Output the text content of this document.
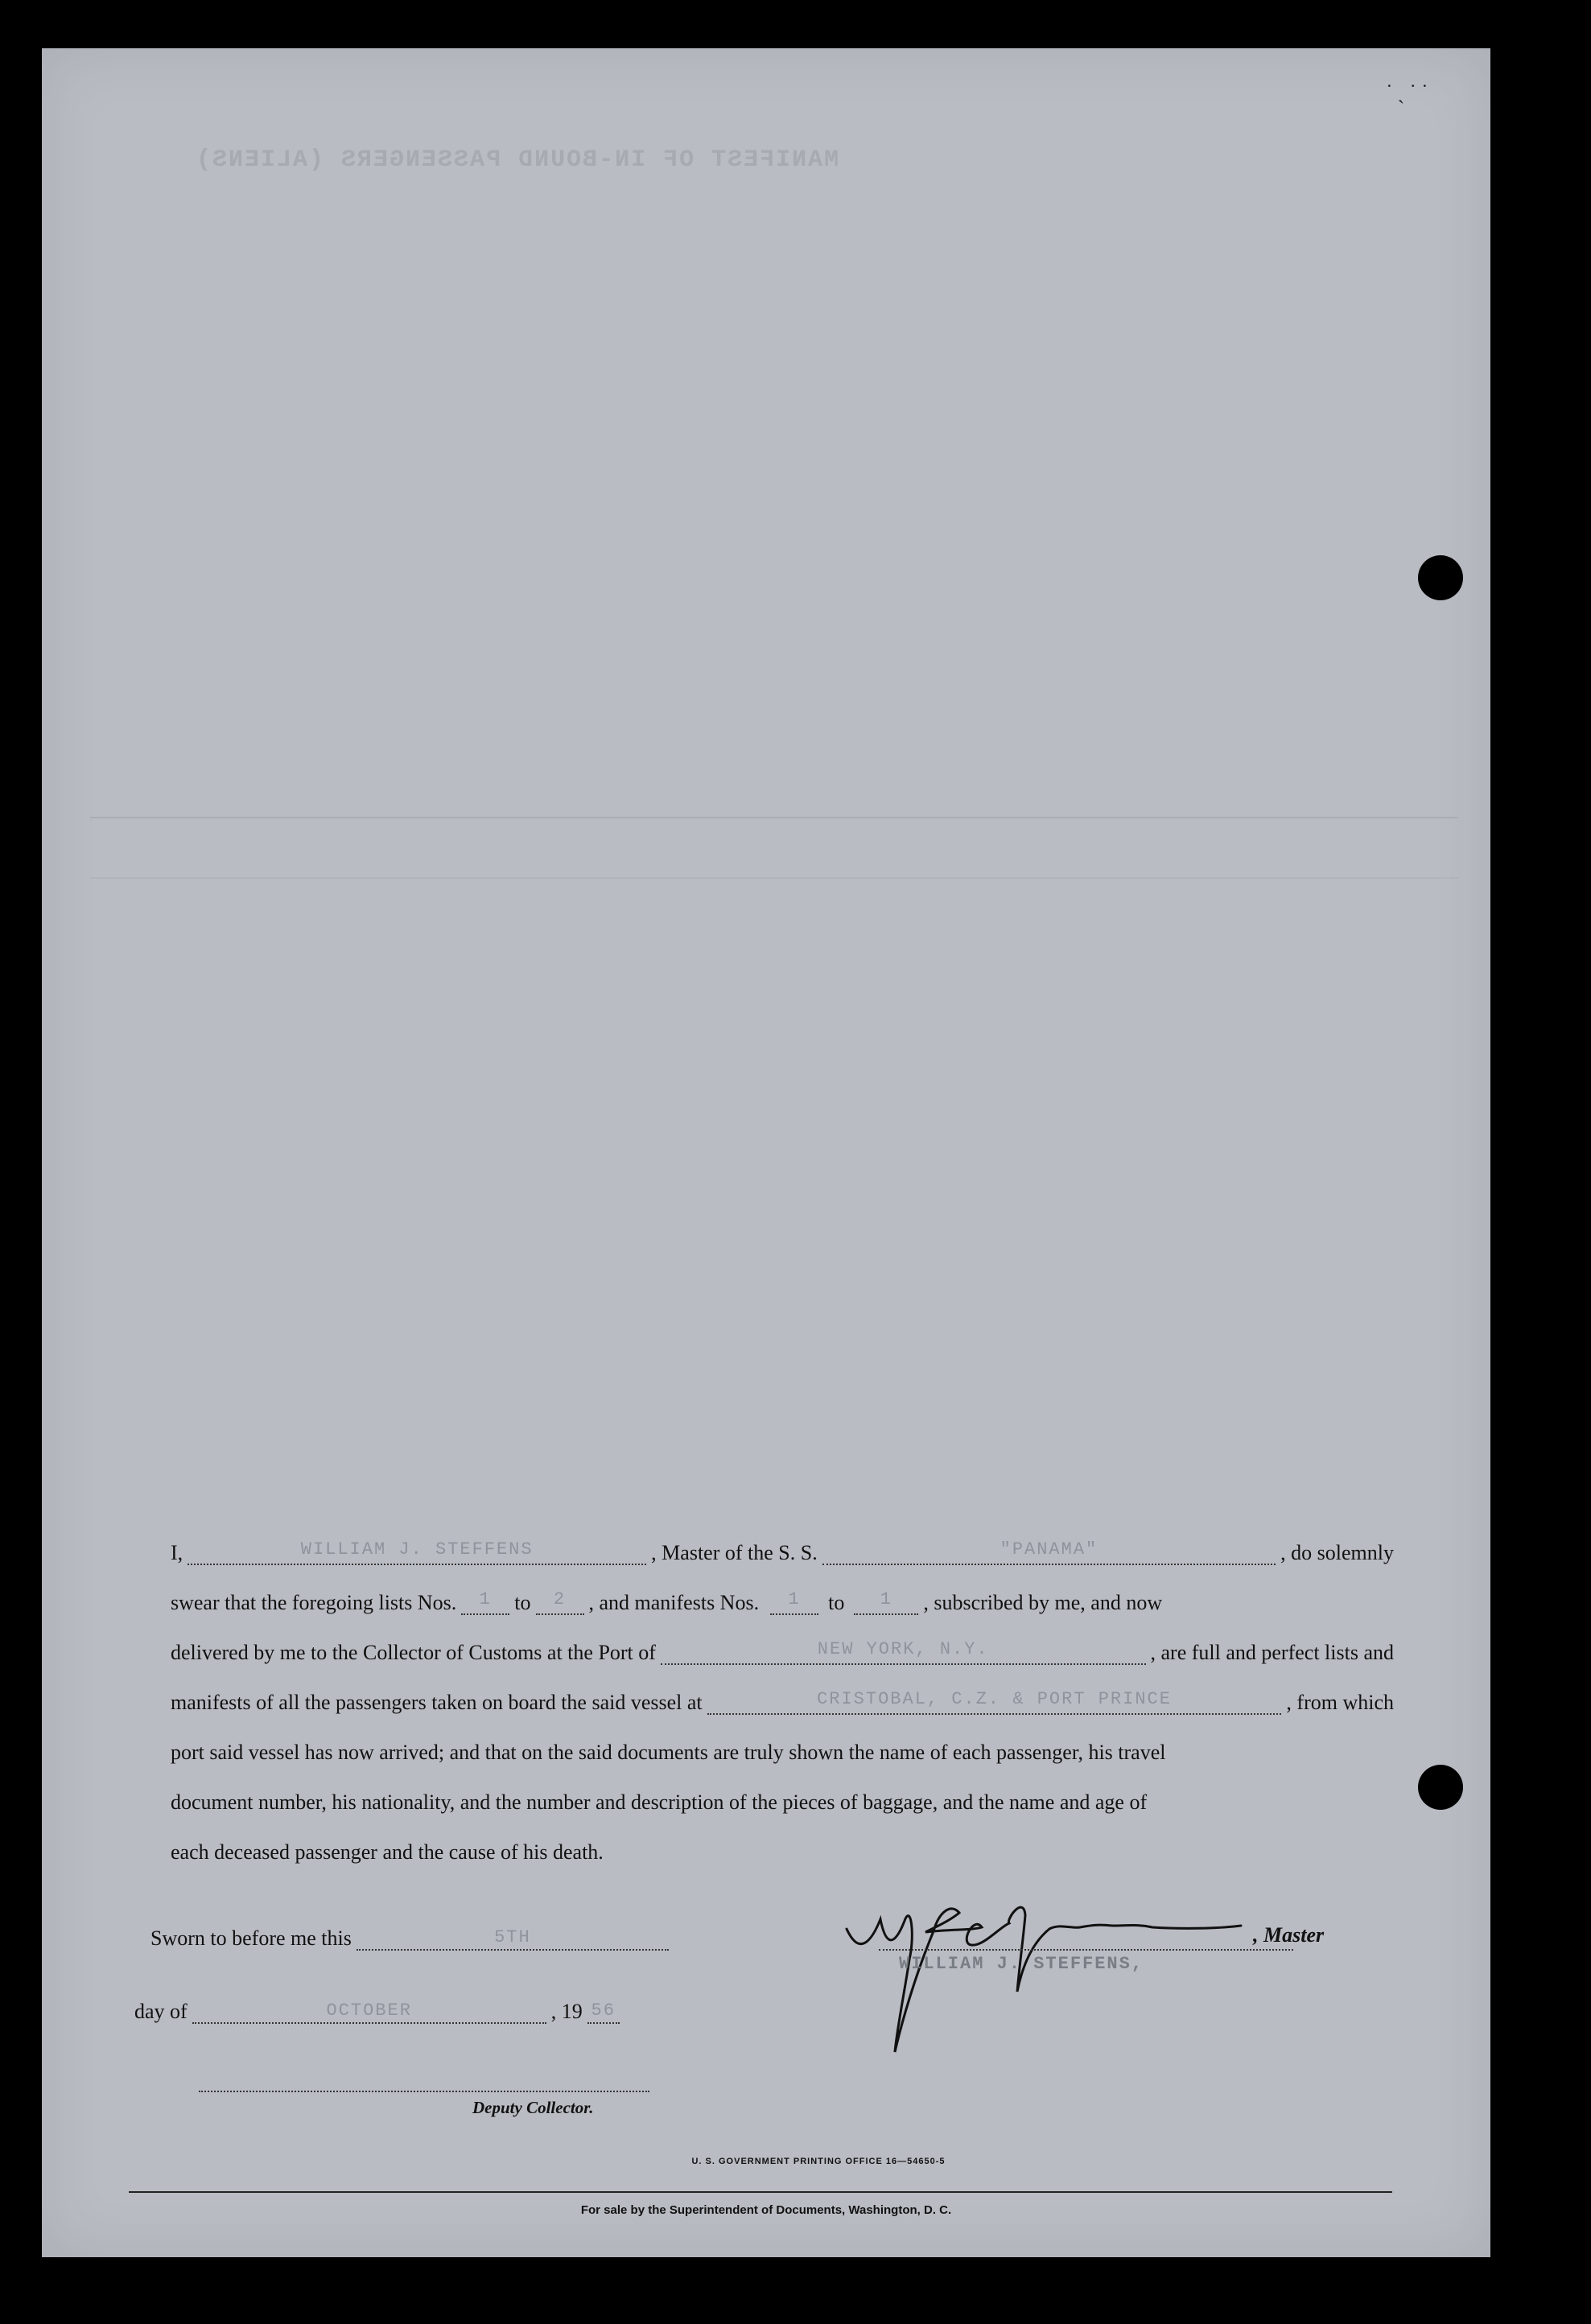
MANIFEST OF IN-BOUND PASSENGERS (ALIENS)
˙ˎ˙˙
I,	WILLIAM J. STEFFENS	, Master of the S. S.	"PANAMA"	, do solemnly
swear that the foregoing lists Nos.	1	to	2	, and manifests Nos.	1	to	1	, subscribed by me, and now
delivered by me to the Collector of Customs at the Port of	NEW YORK, N.Y.	, are full and perfect lists and
manifests of all the passengers taken on board the said vessel at	CRISTOBAL, C.Z. & PORT PRINCE	, from which
port said vessel has now arrived; and that on the said documents are truly shown the name of each passenger, his travel
document number, his nationality, and the number and description of the pieces of baggage, and the name and age of
each deceased passenger and the cause of his death.
Sworn to before me this	5TH
day of	OCTOBER	, 19 56
Deputy Collector.
, Master
WILLIAM J. STEFFENS,
U. S. GOVERNMENT PRINTING OFFICE 16—54650-5
For sale by the Superintendent of Documents, Washington, D. C.
